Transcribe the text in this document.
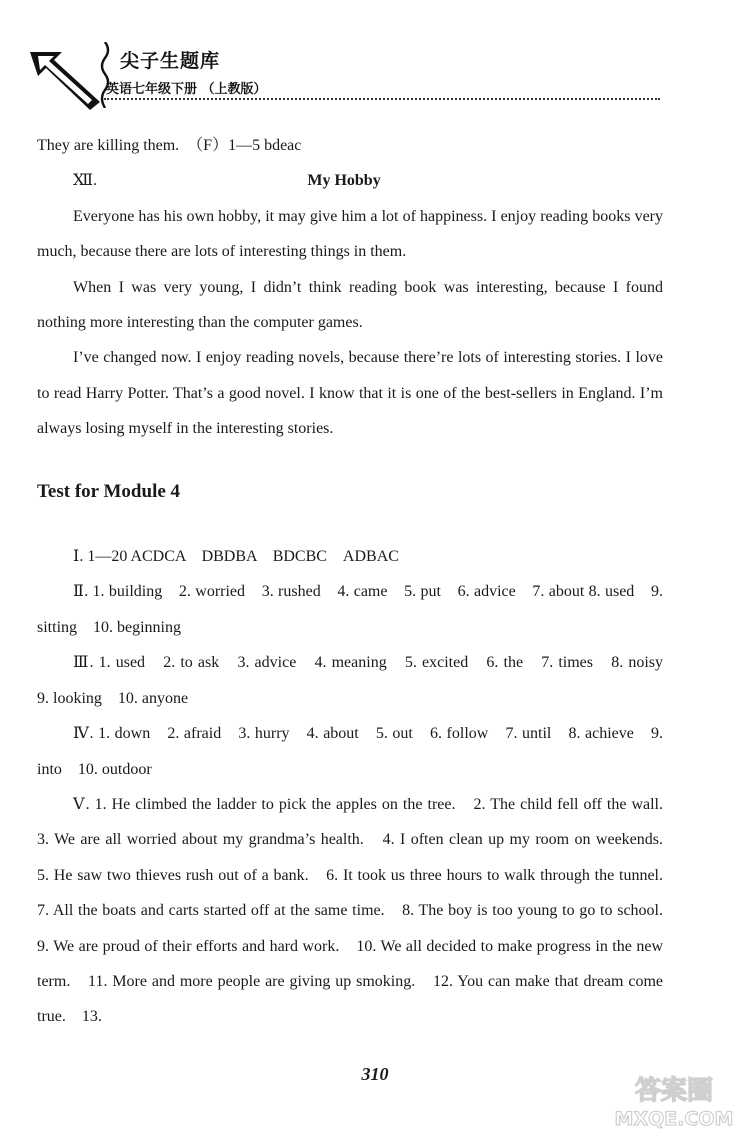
尖子生题库
英语七年级下册 （上教版）

They are killing them.　（F）1—5 bdeac

Ⅻ.	My Hobby

Everyone has his own hobby, it may give him a lot of happiness. I enjoy reading books very much, because there are lots of interesting things in them.

When I was very young, I didn’t think reading book was interesting, because I found nothing more interesting than the computer games.

I’ve changed now. I enjoy reading novels, because there’re lots of interesting stories. I love to read Harry Potter. That’s a good novel. I know that it is one of the best-sellers in England. I’m always losing myself in the interesting stories.

Test for Module 4

Ⅰ. 1—20 ACDCA　DBDBA　BDCBC　ADBAC

Ⅱ. 1. building　2. worried　3. rushed　4. came　5. put　6. advice　7. about 8. used　9. sitting　10. beginning

Ⅲ. 1. used　2. to ask　3. advice　4. meaning　5. excited　6. the　7. times　8. noisy　9. looking　10. anyone

Ⅳ. 1. down　2. afraid　3. hurry　4. about　5. out　6. follow　7. until　8. achieve　9. into　10. outdoor

Ⅴ. 1. He climbed the ladder to pick the apples on the tree.　2. The child fell off the wall.　3. We are all worried about my grandma’s health.　4. I often clean up my room on weekends.　5. He saw two thieves rush out of a bank.　6. It took us three hours to walk through the tunnel.　7. All the boats and carts started off at the same time.　8. The boy is too young to go to school.　9. We are proud of their efforts and hard work.　10. We all decided to make progress in the new term.　11. More and more people are giving up smoking.　12. You can make that dream come true.　13.

310
答案圈
MXQE.COM
